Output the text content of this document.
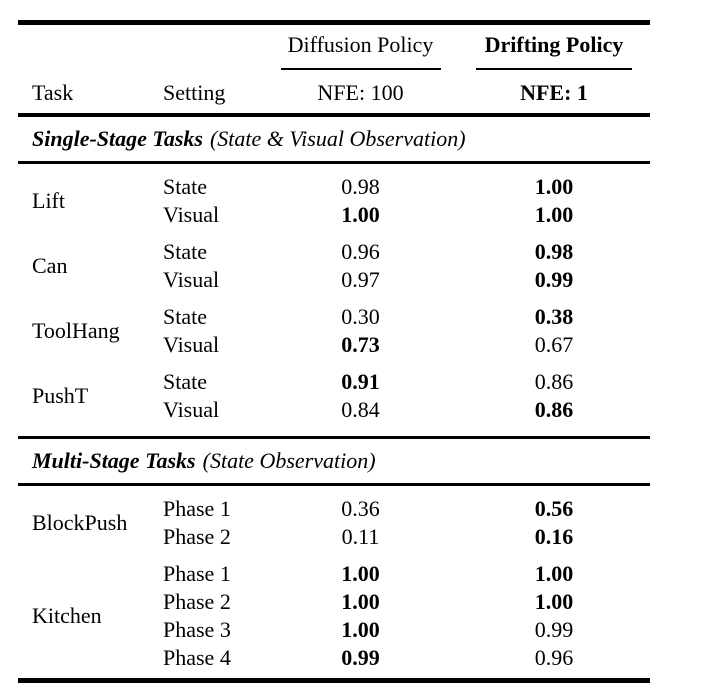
		Diffusion Policy	Drifting Policy

Task	Setting	NFE: 100	NFE: 1

Single-Stage Tasks (State & Visual Observation)			

Lift	State	0.98	1.00
	Visual	1.00	1.00
Can	State	0.96	0.98
	Visual	0.97	0.99
ToolHang	State	0.30	0.38
	Visual	0.73	0.67
PushT	State	0.91	0.86
	Visual	0.84	0.86

Multi-Stage Tasks (State Observation)			

BlockPush	Phase 1	0.36	0.56
	Phase 2	0.11	0.16
Kitchen	Phase 1	1.00	1.00
	Phase 2	1.00	1.00
	Phase 3	1.00	0.99
	Phase 4	0.99	0.96
